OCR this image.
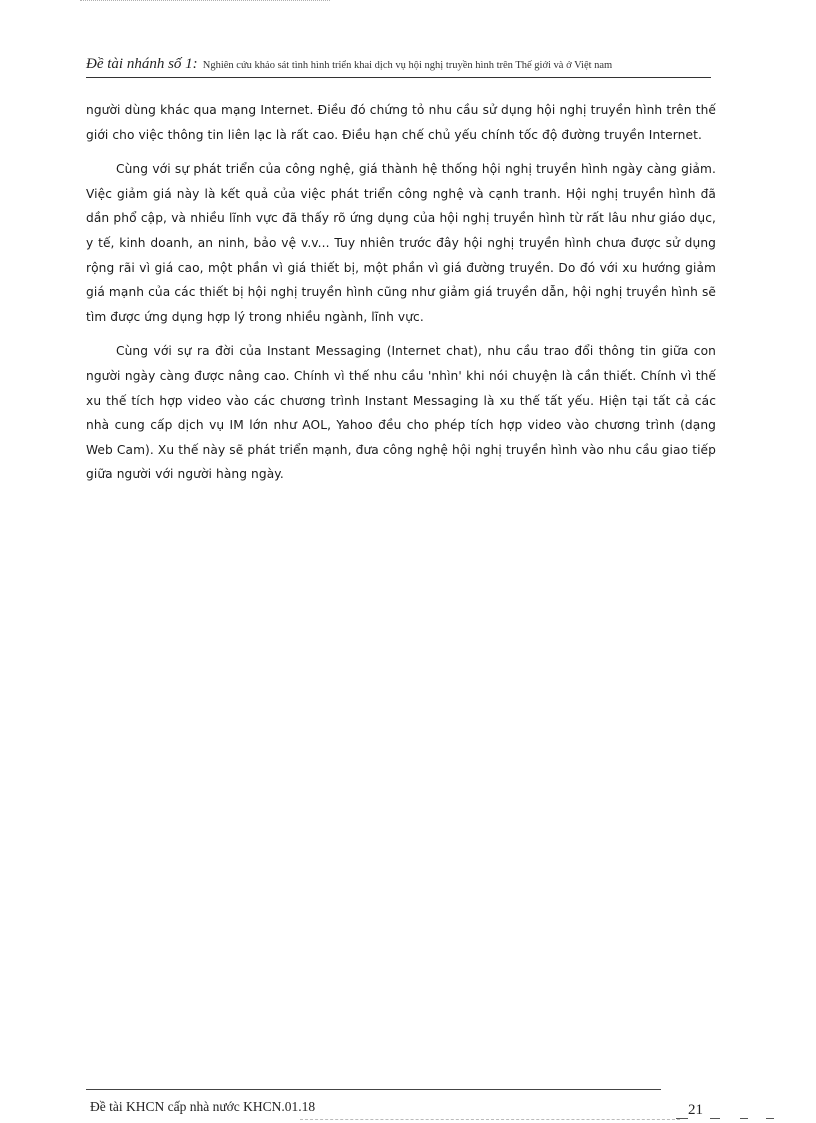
Đề tài nhánh số 1: Nghiên cứu khảo sát tình hình triển khai dịch vụ hội nghị truyền hình trên Thế giới và ở Việt nam

người dùng khác qua mạng Internet. Điều đó chứng tỏ nhu cầu sử dụng hội nghị truyền hình trên thế giới cho việc thông tin liên lạc là rất cao. Điều hạn chế chủ yếu chính tốc độ đường truyền Internet.

Cùng với sự phát triển của công nghệ, giá thành hệ thống hội nghị truyền hình ngày càng giảm. Việc giảm giá này là kết quả của việc phát triển công nghệ và cạnh tranh. Hội nghị truyền hình đã dần phổ cập, và nhiều lĩnh vực đã thấy rõ ứng dụng của hội nghị truyền hình từ rất lâu như giáo dục, y tế, kinh doanh, an ninh, bảo vệ v.v... Tuy nhiên trước đây hội nghị truyền hình chưa được sử dụng rộng rãi vì giá cao, một phần vì giá thiết bị, một phần vì giá đường truyền. Do đó với xu hướng giảm giá mạnh của các thiết bị hội nghị truyền hình cũng như giảm giá truyền dẫn, hội nghị truyền hình sẽ tìm được ứng dụng hợp lý trong nhiều ngành, lĩnh vực.

Cùng với sự ra đời của Instant Messaging (Internet chat), nhu cầu trao đổi thông tin giữa con người ngày càng được nâng cao. Chính vì thế nhu cầu 'nhìn' khi nói chuyện là cần thiết. Chính vì thế xu thế tích hợp video vào các chương trình Instant Messaging là xu thế tất yếu. Hiện tại tất cả các nhà cung cấp dịch vụ IM lớn như AOL, Yahoo đều cho phép tích hợp video vào chương trình (dạng Web Cam). Xu thế này sẽ phát triển mạnh, đưa công nghệ hội nghị truyền hình vào nhu cầu giao tiếp giữa người với người hàng ngày.

Đề tài KHCN cấp nhà nước KHCN.01.18	21
